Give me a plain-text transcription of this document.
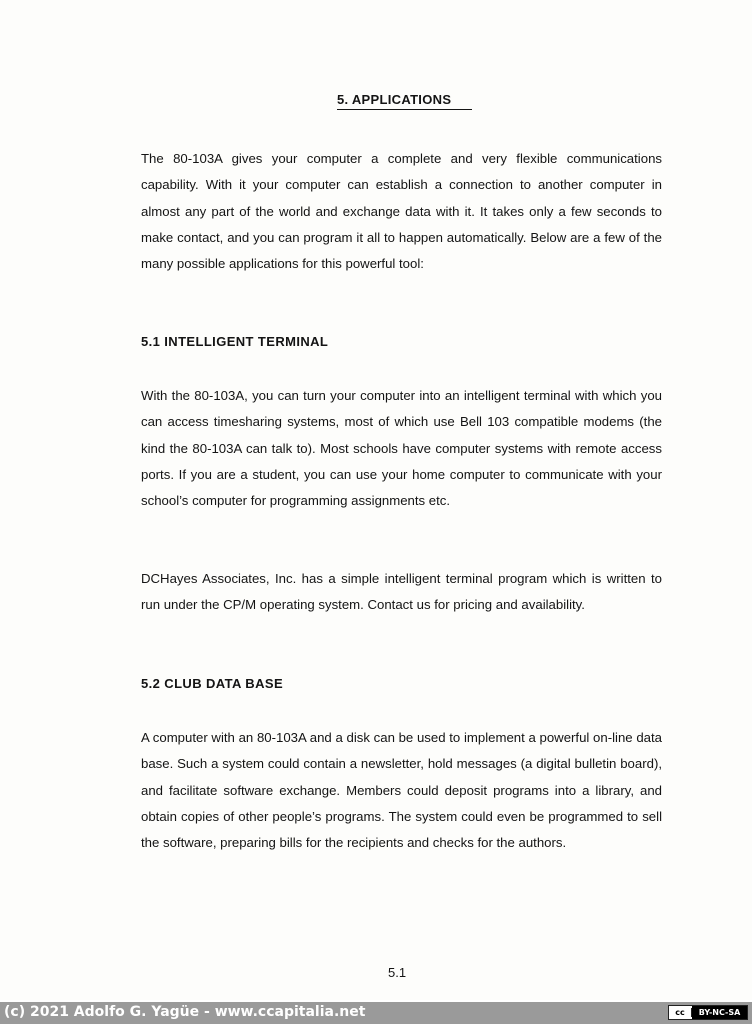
5. APPLICATIONS

The 80-103A gives your computer a complete and very flexible communications capability. With it your computer can establish a connection to another computer in almost any part of the world and exchange data with it. It takes only a few seconds to make contact, and you can program it all to happen automatically. Below are a few of the many possible applications for this powerful tool:

5.1 INTELLIGENT TERMINAL

With the 80-103A, you can turn your computer into an intelligent terminal with which you can access timesharing systems, most of which use Bell 103 compatible modems (the kind the 80-103A can talk to). Most schools have computer systems with remote access ports. If you are a student, you can use your home computer to communicate with your school’s computer for programming assignments etc.

DCHayes Associates, Inc. has a simple intelligent terminal program which is written to run under the CP/M operating system. Contact us for pricing and availability.

5.2 CLUB DATA BASE

A computer with an 80-103A and a disk can be used to implement a powerful on-line data base. Such a system could contain a newsletter, hold messages (a digital bulletin board), and facilitate software exchange. Members could deposit programs into a library, and obtain copies of other people’s programs. The system could even be programmed to sell the software, preparing bills for the recipients and checks for the authors.

5.1
(c) 2021 Adolfo G. Yagüe - www.ccapitalia.net	cc	BY-NC-SA
